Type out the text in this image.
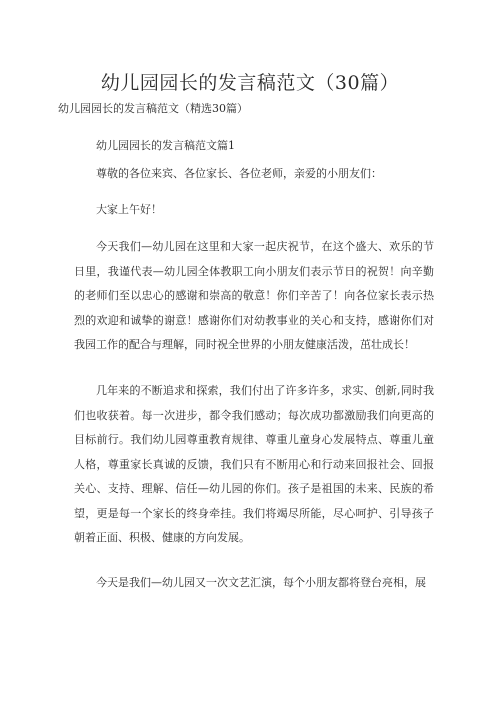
幼儿园园长的发言稿范文（30篇）
幼儿园园长的发言稿范文（精选30篇）
幼儿园园长的发言稿范文篇1

尊敬的各位来宾、各位家长、各位老师，亲爱的小朋友们：

大家上午好！

今天我们—幼儿园在这里和大家一起庆祝节，在这个盛大、欢乐的节日里，我谨代表—幼儿园全体教职工向小朋友们表示节日的祝贺！向辛勤的老师们至以忠心的感谢和崇高的敬意！你们辛苦了！向各位家长表示热烈的欢迎和诚挚的谢意！感谢你们对幼教事业的关心和支持，感谢你们对我园工作的配合与理解，同时祝全世界的小朋友健康活泼，茁壮成长！

几年来的不断追求和探索，我们付出了许多许多，求实、创新,同时我们也收获着。每一次进步，都令我们感动；每次成功都激励我们向更高的目标前行。我们幼儿园尊重教育规律、尊重儿童身心发展特点、尊重儿童人格，尊重家长真诚的反馈，我们只有不断用心和行动来回报社会、回报关心、支持、理解、信任—幼儿园的你们。孩子是祖国的未来、民族的希望，更是每一个家长的终身牵挂。我们将竭尽所能，尽心呵护、引导孩子朝着正面、积极、健康的方向发展。

今天是我们—幼儿园又一次文艺汇演，每个小朋友都将登台亮相，展
